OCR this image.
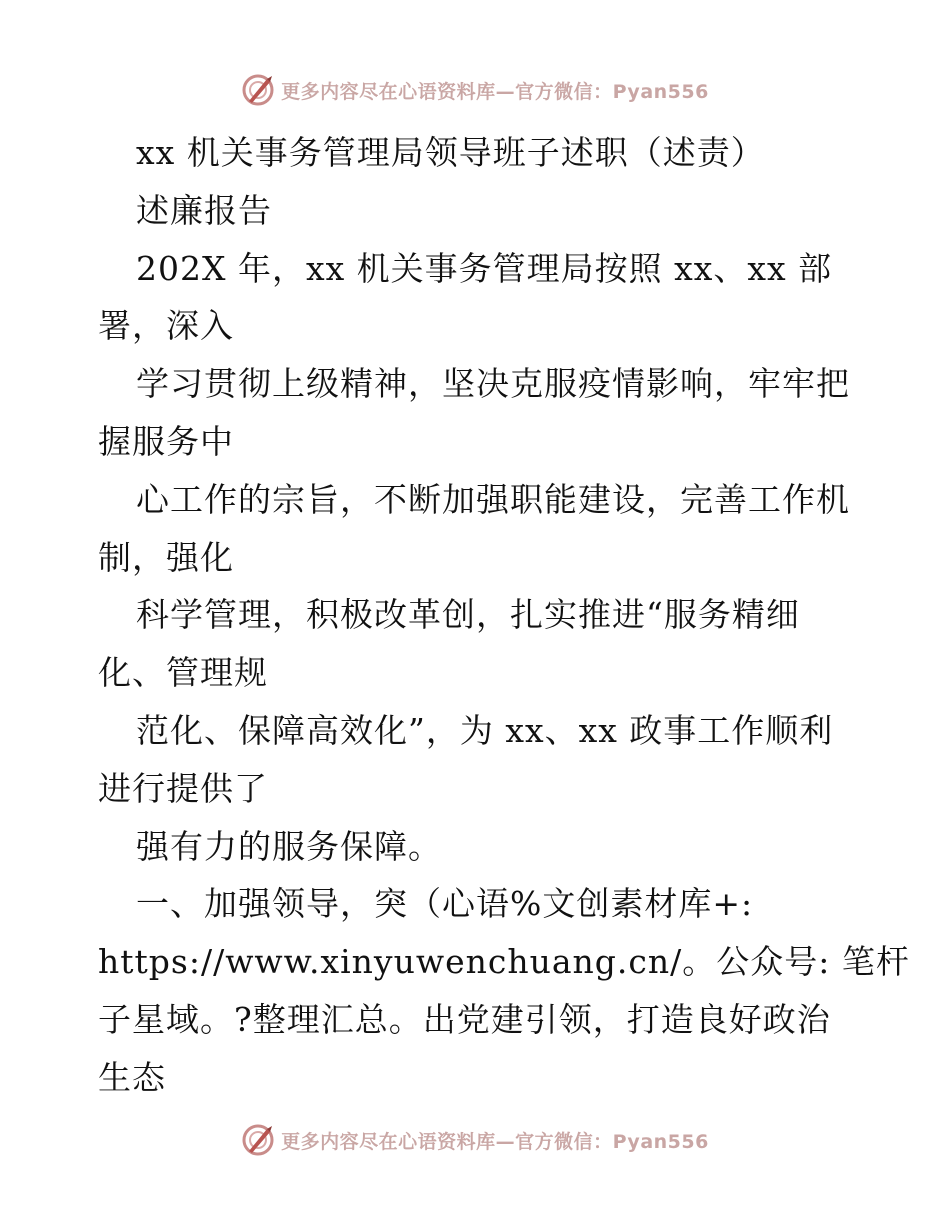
更多内容尽在心语资料库—官方微信：Pyan556
xx 机关事务管理局领导班子述职（述责）
述廉报告
202X 年，xx 机关事务管理局按照 xx、xx 部
署，深入
学习贯彻上级精神，坚决克服疫情影响，牢牢把
握服务中
心工作的宗旨，不断加强职能建设，完善工作机
制，强化
科学管理，积极改革创，扎实推进“服务精细
化、管理规
范化、保障高效化”，为 xx、xx 政事工作顺利
进行提供了
强有力的服务保障。
一、加强领导，突（心语%文创素材库+:
https://www.xinyuwenchuang.cn/。公众号: 笔杆
子星域。?整理汇总。出党建引领，打造良好政治
生态
更多内容尽在心语资料库—官方微信：Pyan556
